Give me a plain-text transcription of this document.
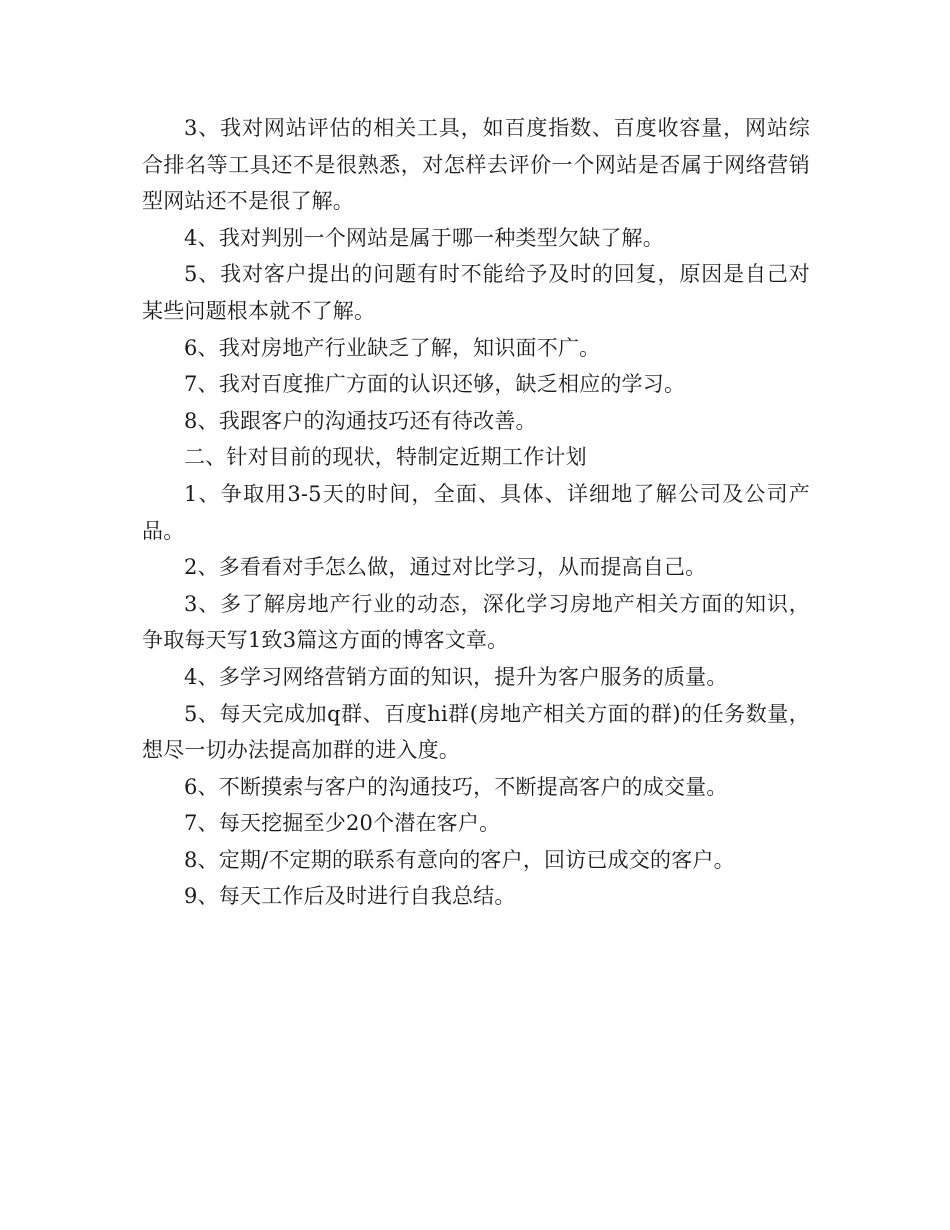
3、我对网站评估的相关工具，如百度指数、百度收容量，网站综合排名等工具还不是很熟悉，对怎样去评价一个网站是否属于网络营销型网站还不是很了解。

4、我对判别一个网站是属于哪一种类型欠缺了解。

5、我对客户提出的问题有时不能给予及时的回复，原因是自己对某些问题根本就不了解。

6、我对房地产行业缺乏了解，知识面不广。

7、我对百度推广方面的认识还够，缺乏相应的学习。

8、我跟客户的沟通技巧还有待改善。

二、针对目前的现状，特制定近期工作计划

1、争取用3-5天的时间，全面、具体、详细地了解公司及公司产品。

2、多看看对手怎么做，通过对比学习，从而提高自己。

3、多了解房地产行业的动态，深化学习房地产相关方面的知识，争取每天写1致3篇这方面的博客文章。

4、多学习网络营销方面的知识，提升为客户服务的质量。

5、每天完成加q群、百度hi群(房地产相关方面的群)的任务数量，想尽一切办法提高加群的进入度。

6、不断摸索与客户的沟通技巧，不断提高客户的成交量。

7、每天挖掘至少20个潜在客户。

8、定期/不定期的联系有意向的客户，回访已成交的客户。

9、每天工作后及时进行自我总结。
